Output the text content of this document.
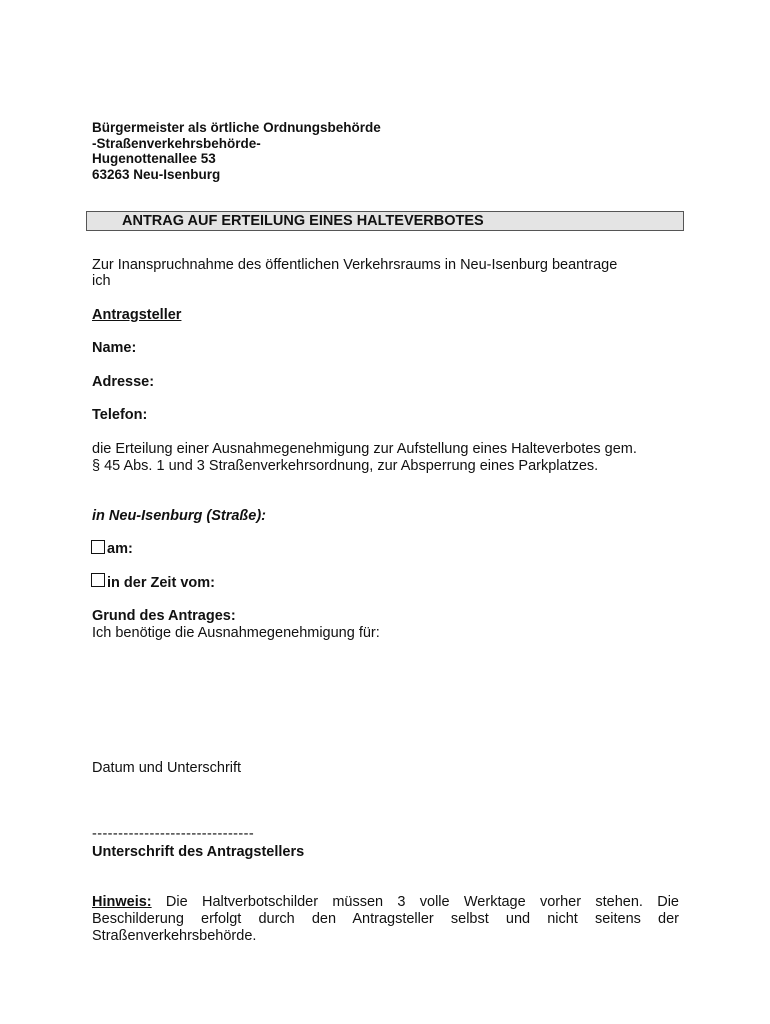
Bürgermeister als örtliche Ordnungsbehörde
-Straßenverkehrsbehörde-
Hugenottenallee 53
63263 Neu-Isenburg
ANTRAG AUF ERTEILUNG EINES HALTEVERBOTES
Zur Inanspruchnahme des öffentlichen Verkehrsraums in Neu-Isenburg beantrage
ich
Antragsteller
Name:
Adresse:
Telefon:
die Erteilung einer Ausnahmegenehmigung zur Aufstellung eines Halteverbotes gem.
§ 45 Abs. 1 und 3 Straßenverkehrsordnung, zur Absperrung eines Parkplatzes.
in Neu-Isenburg (Straße):
am:
in der Zeit vom:
Grund des Antrages:
Ich benötige die Ausnahmegenehmigung für:
Datum und Unterschrift
-------------------------------
Unterschrift des Antragstellers
Hinweis: Die Haltverbotschilder müssen 3 volle Werktage vorher stehen. Die Beschilderung erfolgt durch den Antragsteller selbst und nicht seitens der Straßenverkehrsbehörde.
